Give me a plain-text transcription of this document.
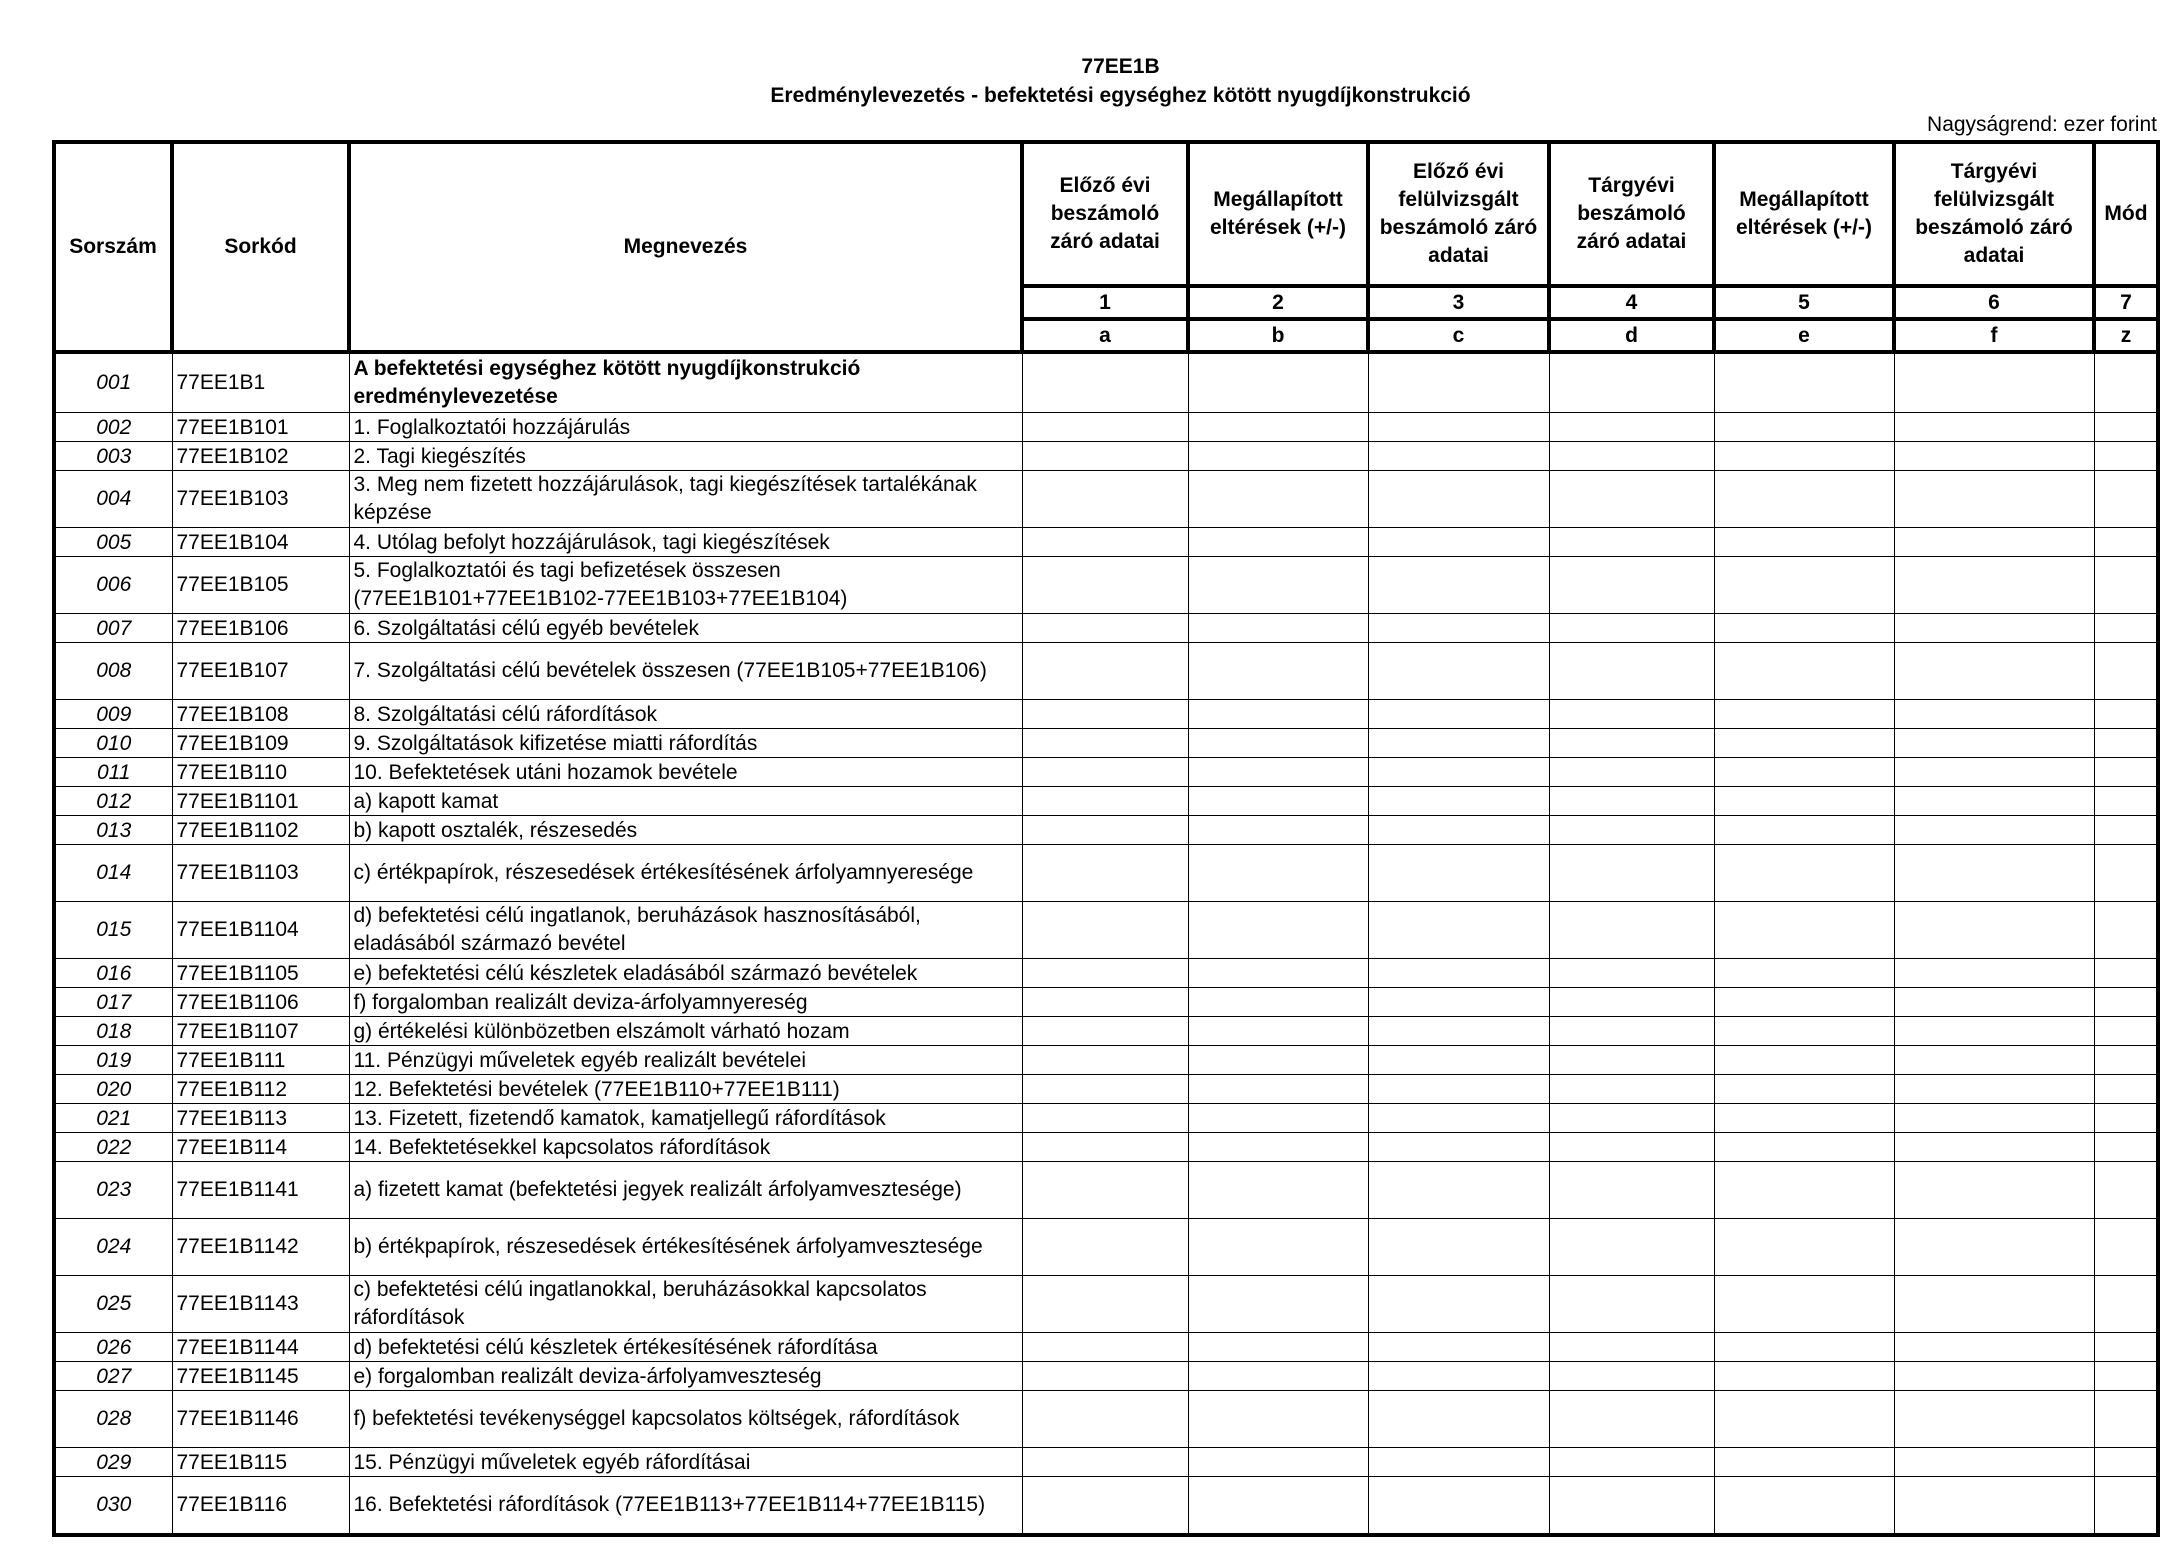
77EE1B
Eredménylevezetés - befektetési egységhez kötött nyugdíjkonstrukció
Nagyságrend: ezer forint
Sorszám	Sorkód	Megnevezés	Előző évi beszámoló záró adatai	Megállapított eltérések (+/-)	Előző évi felülvizsgált beszámoló záró adatai	Tárgyévi beszámoló záró adatai	Megállapított eltérések (+/-)	Tárgyévi felülvizsgált beszámoló záró adatai	Mód
			1	2	3	4	5	6	7
			a	b	c	d	e	f	z
001	77EE1B1	A befektetési egységhez kötött nyugdíjkonstrukció eredménylevezetése							
002	77EE1B101	1. Foglalkoztatói hozzájárulás							
003	77EE1B102	2. Tagi kiegészítés							
004	77EE1B103	3. Meg nem fizetett hozzájárulások, tagi kiegészítések tartalékának képzése							
005	77EE1B104	4. Utólag befolyt hozzájárulások, tagi kiegészítések							
006	77EE1B105	5. Foglalkoztatói és tagi befizetések összesen (77EE1B101+77EE1B102-77EE1B103+77EE1B104)							
007	77EE1B106	6. Szolgáltatási célú egyéb bevételek							
008	77EE1B107	7. Szolgáltatási célú bevételek összesen (77EE1B105+77EE1B106)							
009	77EE1B108	8. Szolgáltatási célú ráfordítások							
010	77EE1B109	9. Szolgáltatások kifizetése miatti ráfordítás							
011	77EE1B110	10. Befektetések utáni hozamok bevétele							
012	77EE1B1101	a) kapott kamat							
013	77EE1B1102	b) kapott osztalék, részesedés							
014	77EE1B1103	c) értékpapírok, részesedések értékesítésének árfolyamnyeresége							
015	77EE1B1104	d) befektetési célú ingatlanok, beruházások hasznosításából, eladásából származó bevétel							
016	77EE1B1105	e) befektetési célú készletek eladásából származó bevételek							
017	77EE1B1106	f) forgalomban realizált deviza-árfolyamnyereség							
018	77EE1B1107	g) értékelési különbözetben elszámolt várható hozam							
019	77EE1B111	11. Pénzügyi műveletek egyéb realizált bevételei							
020	77EE1B112	12. Befektetési bevételek (77EE1B110+77EE1B111)							
021	77EE1B113	13. Fizetett, fizetendő kamatok, kamatjellegű ráfordítások							
022	77EE1B114	14. Befektetésekkel kapcsolatos ráfordítások							
023	77EE1B1141	a) fizetett kamat (befektetési jegyek realizált árfolyamvesztesége)							
024	77EE1B1142	b) értékpapírok, részesedések értékesítésének árfolyamvesztesége							
025	77EE1B1143	c) befektetési célú ingatlanokkal, beruházásokkal kapcsolatos ráfordítások							
026	77EE1B1144	d) befektetési célú készletek értékesítésének ráfordítása							
027	77EE1B1145	e) forgalomban realizált deviza-árfolyamveszteség							
028	77EE1B1146	f) befektetési tevékenységgel kapcsolatos költségek, ráfordítások							
029	77EE1B115	15. Pénzügyi műveletek egyéb ráfordításai							
030	77EE1B116	16. Befektetési ráfordítások (77EE1B113+77EE1B114+77EE1B115)							
